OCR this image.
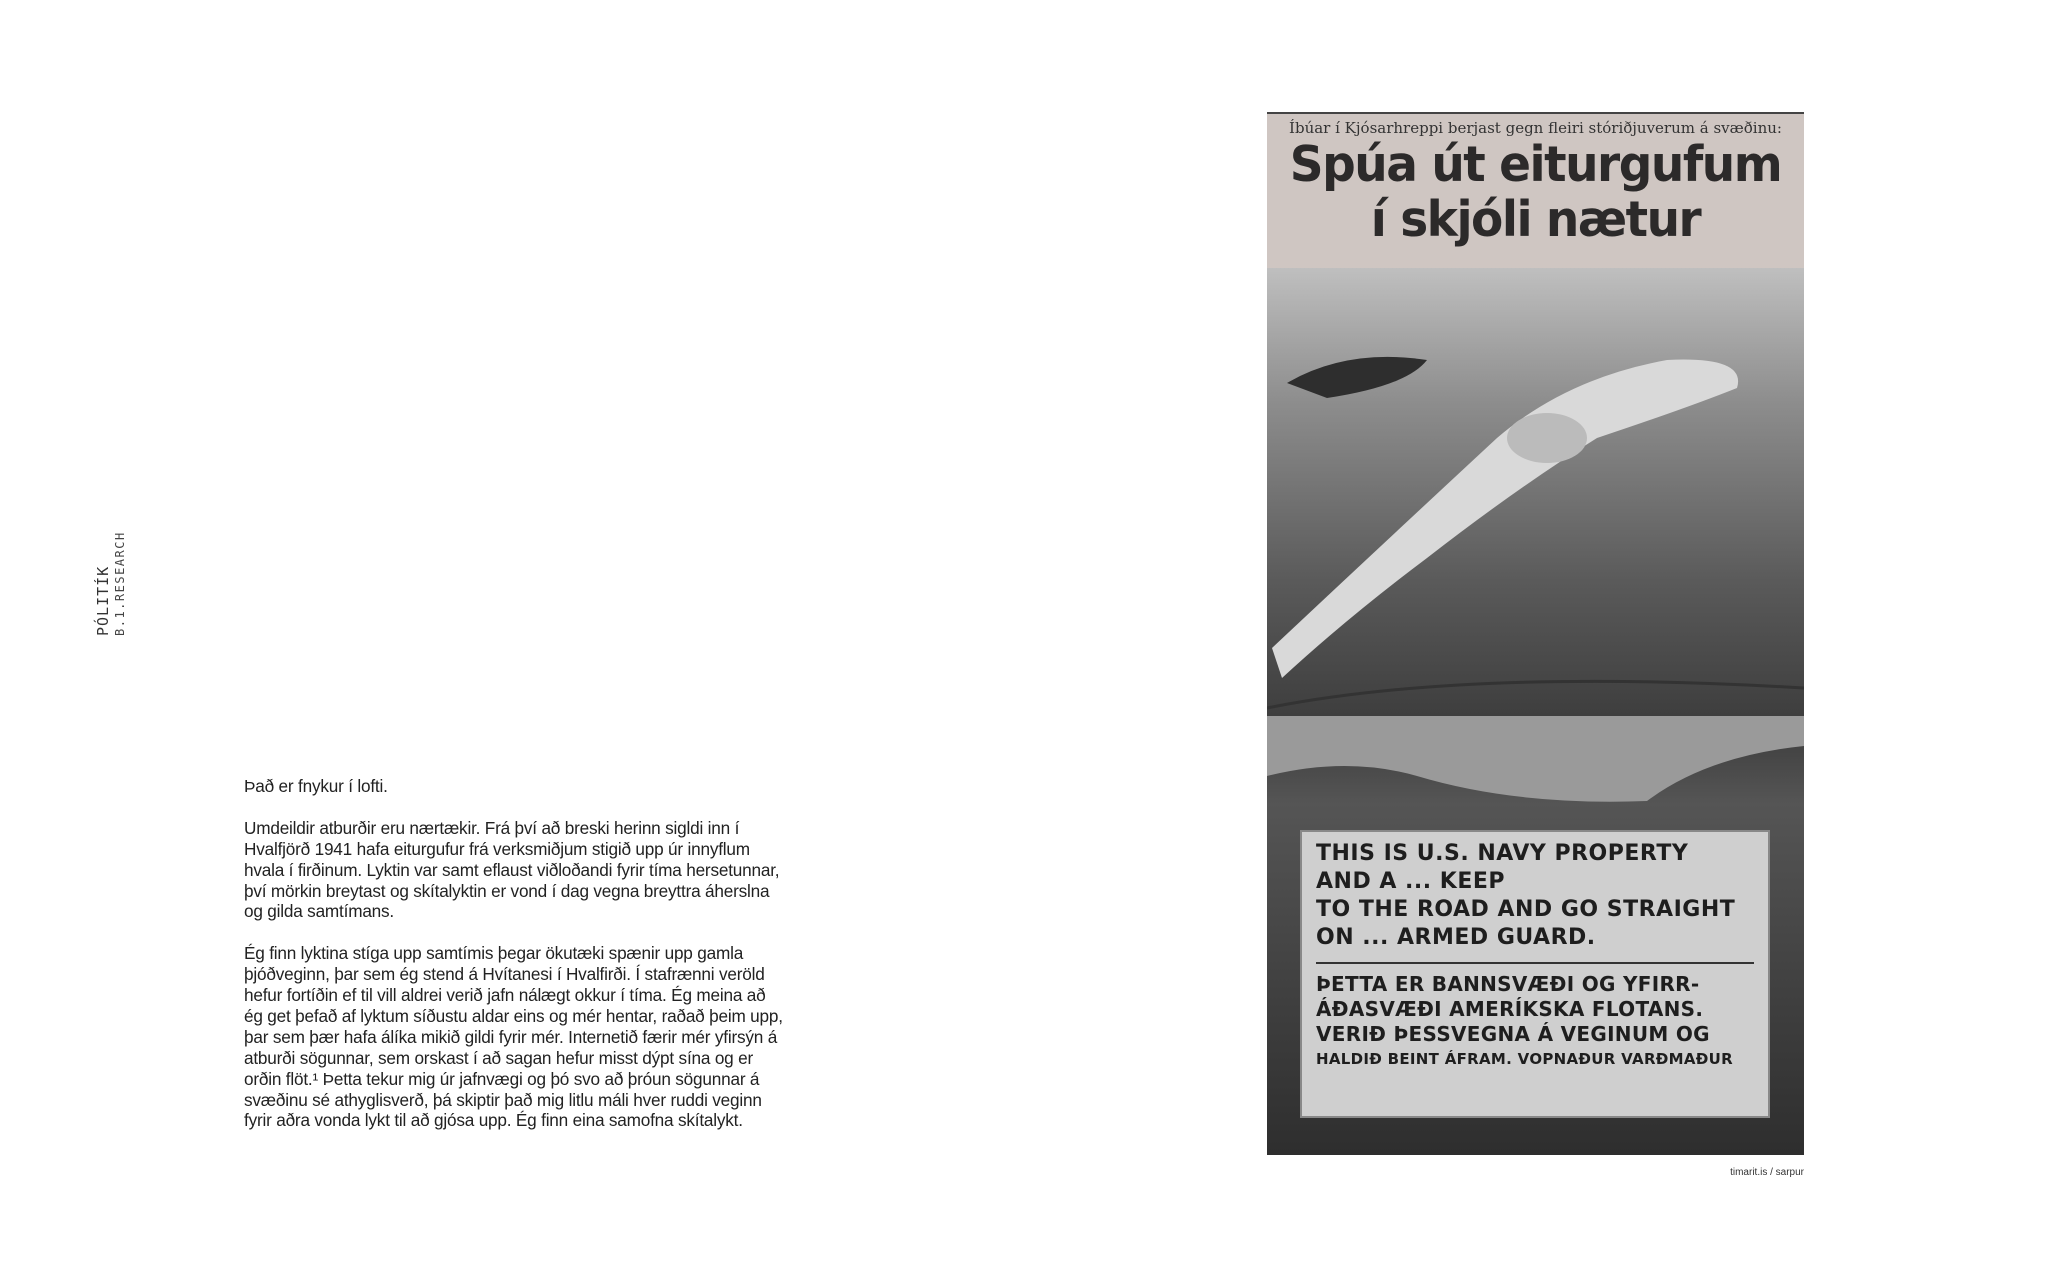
PÓLITÍK B.1.RESEARCH

Það er fnykur í lofti.

Umdeildir atburðir eru nærtækir. Frá því að breski herinn sigldi inn í Hvalfjörð 1941 hafa eiturgufur frá verksmiðjum stigið upp úr innyflum hvala í firðinum. Lyktin var samt eflaust viðloðandi fyrir tíma hersetunnar, því mörkin breytast og skítalyktin er vond í dag vegna breyttra áherslna og gilda samtímans.

Ég finn lyktina stíga upp samtímis þegar ökutæki spænir upp gamla þjóðveginn, þar sem ég stend á Hvítanesi í Hvalfirði. Í stafrænni veröld hefur fortíðin ef til vill aldrei verið jafn nálægt okkur í tíma. Ég meina að ég get þefað af lyktum síðustu aldar eins og mér hentar, raðað þeim upp, þar sem þær hafa álíka mikið gildi fyrir mér. Internetið færir mér yfirsýn á atburði sögunnar, sem orskast í að sagan hefur misst dýpt sína og er orðin flöt.¹ Þetta tekur mig úr jafnvægi og þó svo að þróun sögunnar á svæðinu sé athyglisverð, þá skiptir það mig litlu máli hver ruddi veginn fyrir aðra vonda lykt til að gjósa upp. Ég finn eina samofna skítalykt.

Íbúar í Kjósarhreppi berjast gegn fleiri stóriðjuverum á svæðinu:
Spúa út eiturgufum
í skjóli nætur
THIS IS U.S. NAVY PROPERTY
AND A ... KEEP
TO THE ROAD AND GO STRAIGHT
ON ... ARMED GUARD.
ÞETTA ER BANNSVÆÐI OG YFIRR-
ÁÐASVÆÐI AMERÍKSKA FLOTANS.
VERIÐ ÞESSVEGNA Á VEGINUM OG
HALDIÐ BEINT ÁFRAM. VOPNAÐUR VARÐMAÐUR
timarit.is / sarpur
